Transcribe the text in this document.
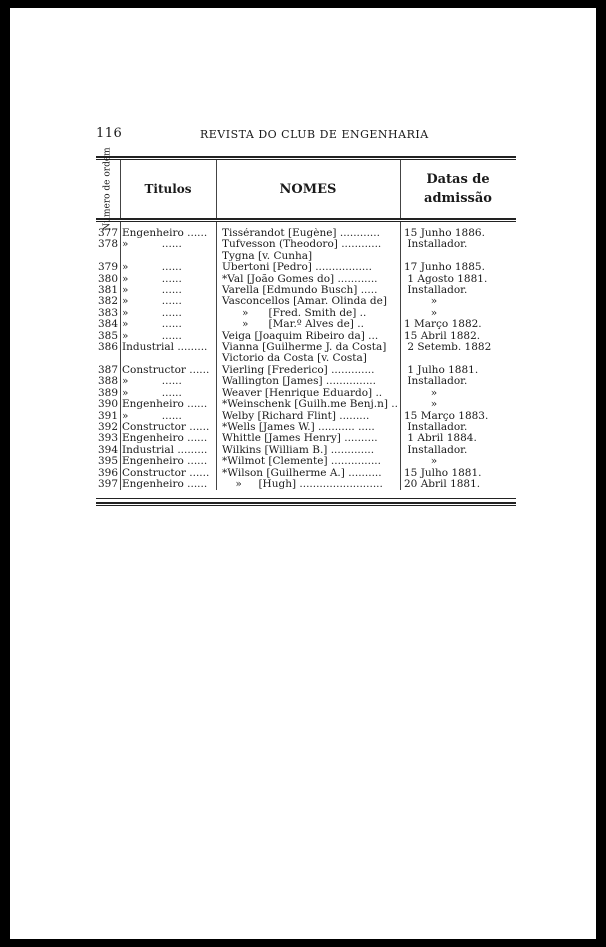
116	REVISTA DO CLUB DE ENGENHARIA
Numero de ordem	Titulos	NOMES
Datas de admissão
377 Engenheiro ......	Tissérandot [Eugène] ............	15 Junho 1886.
378 »          ......	Tufvesson (Theodoro] ............	Installador.
Tygna [v. Cunha]
379 »          ......	Ubertoni [Pedro] .................	17 Junho 1885.
380 »          ......	*Val [João Gomes do] ............	1 Agosto 1881.
381 »          ......	Varella [Edmundo Busch] .....	Installador.
382 »          ......	Vasconcellos [Amar. Olinda de]	»
383 »          ......	»      [Fred. Smith de] ..	»
384 »          ......	»      [Mar.º Alves de] ..	1 Março 1882.
385 »          ......	Veiga [Joaquim Ribeiro da] ...	15 Abril 1882.
386 Industrial .........	Vianna [Guilherme J. da Costa]	2 Setemb. 1882
Victorio da Costa [v. Costa]
387 Constructor ......	Vierling [Frederico] .............	1 Julho 1881.
388 »          ......	Wallington [James] ...............	Installador.
389 »          ......	Weaver [Henrique Eduardo] ..	»
390 Engenheiro ......	*Weinschenk [Guilh.me Benj.n] .. »
391 »          ......	Welby [Richard Flint] .........	15 Março 1883.
392 Constructor ......	*Wells [James W.] ........... .....	Installador.
393 Engenheiro ......	Whittle [James Henry] ..........	1 Abril 1884.
394 Industrial .........	Wilkins [William B.] .............	Installador.
395 Engenheiro ......	*Wilmot [Clemente] ...............	»
396 Constructor ......	*Wilson [Guilherme A.] ..........	15 Julho 1881.
397 Engenheiro ......	»     [Hugh] .........................	20 Abril 1881.
